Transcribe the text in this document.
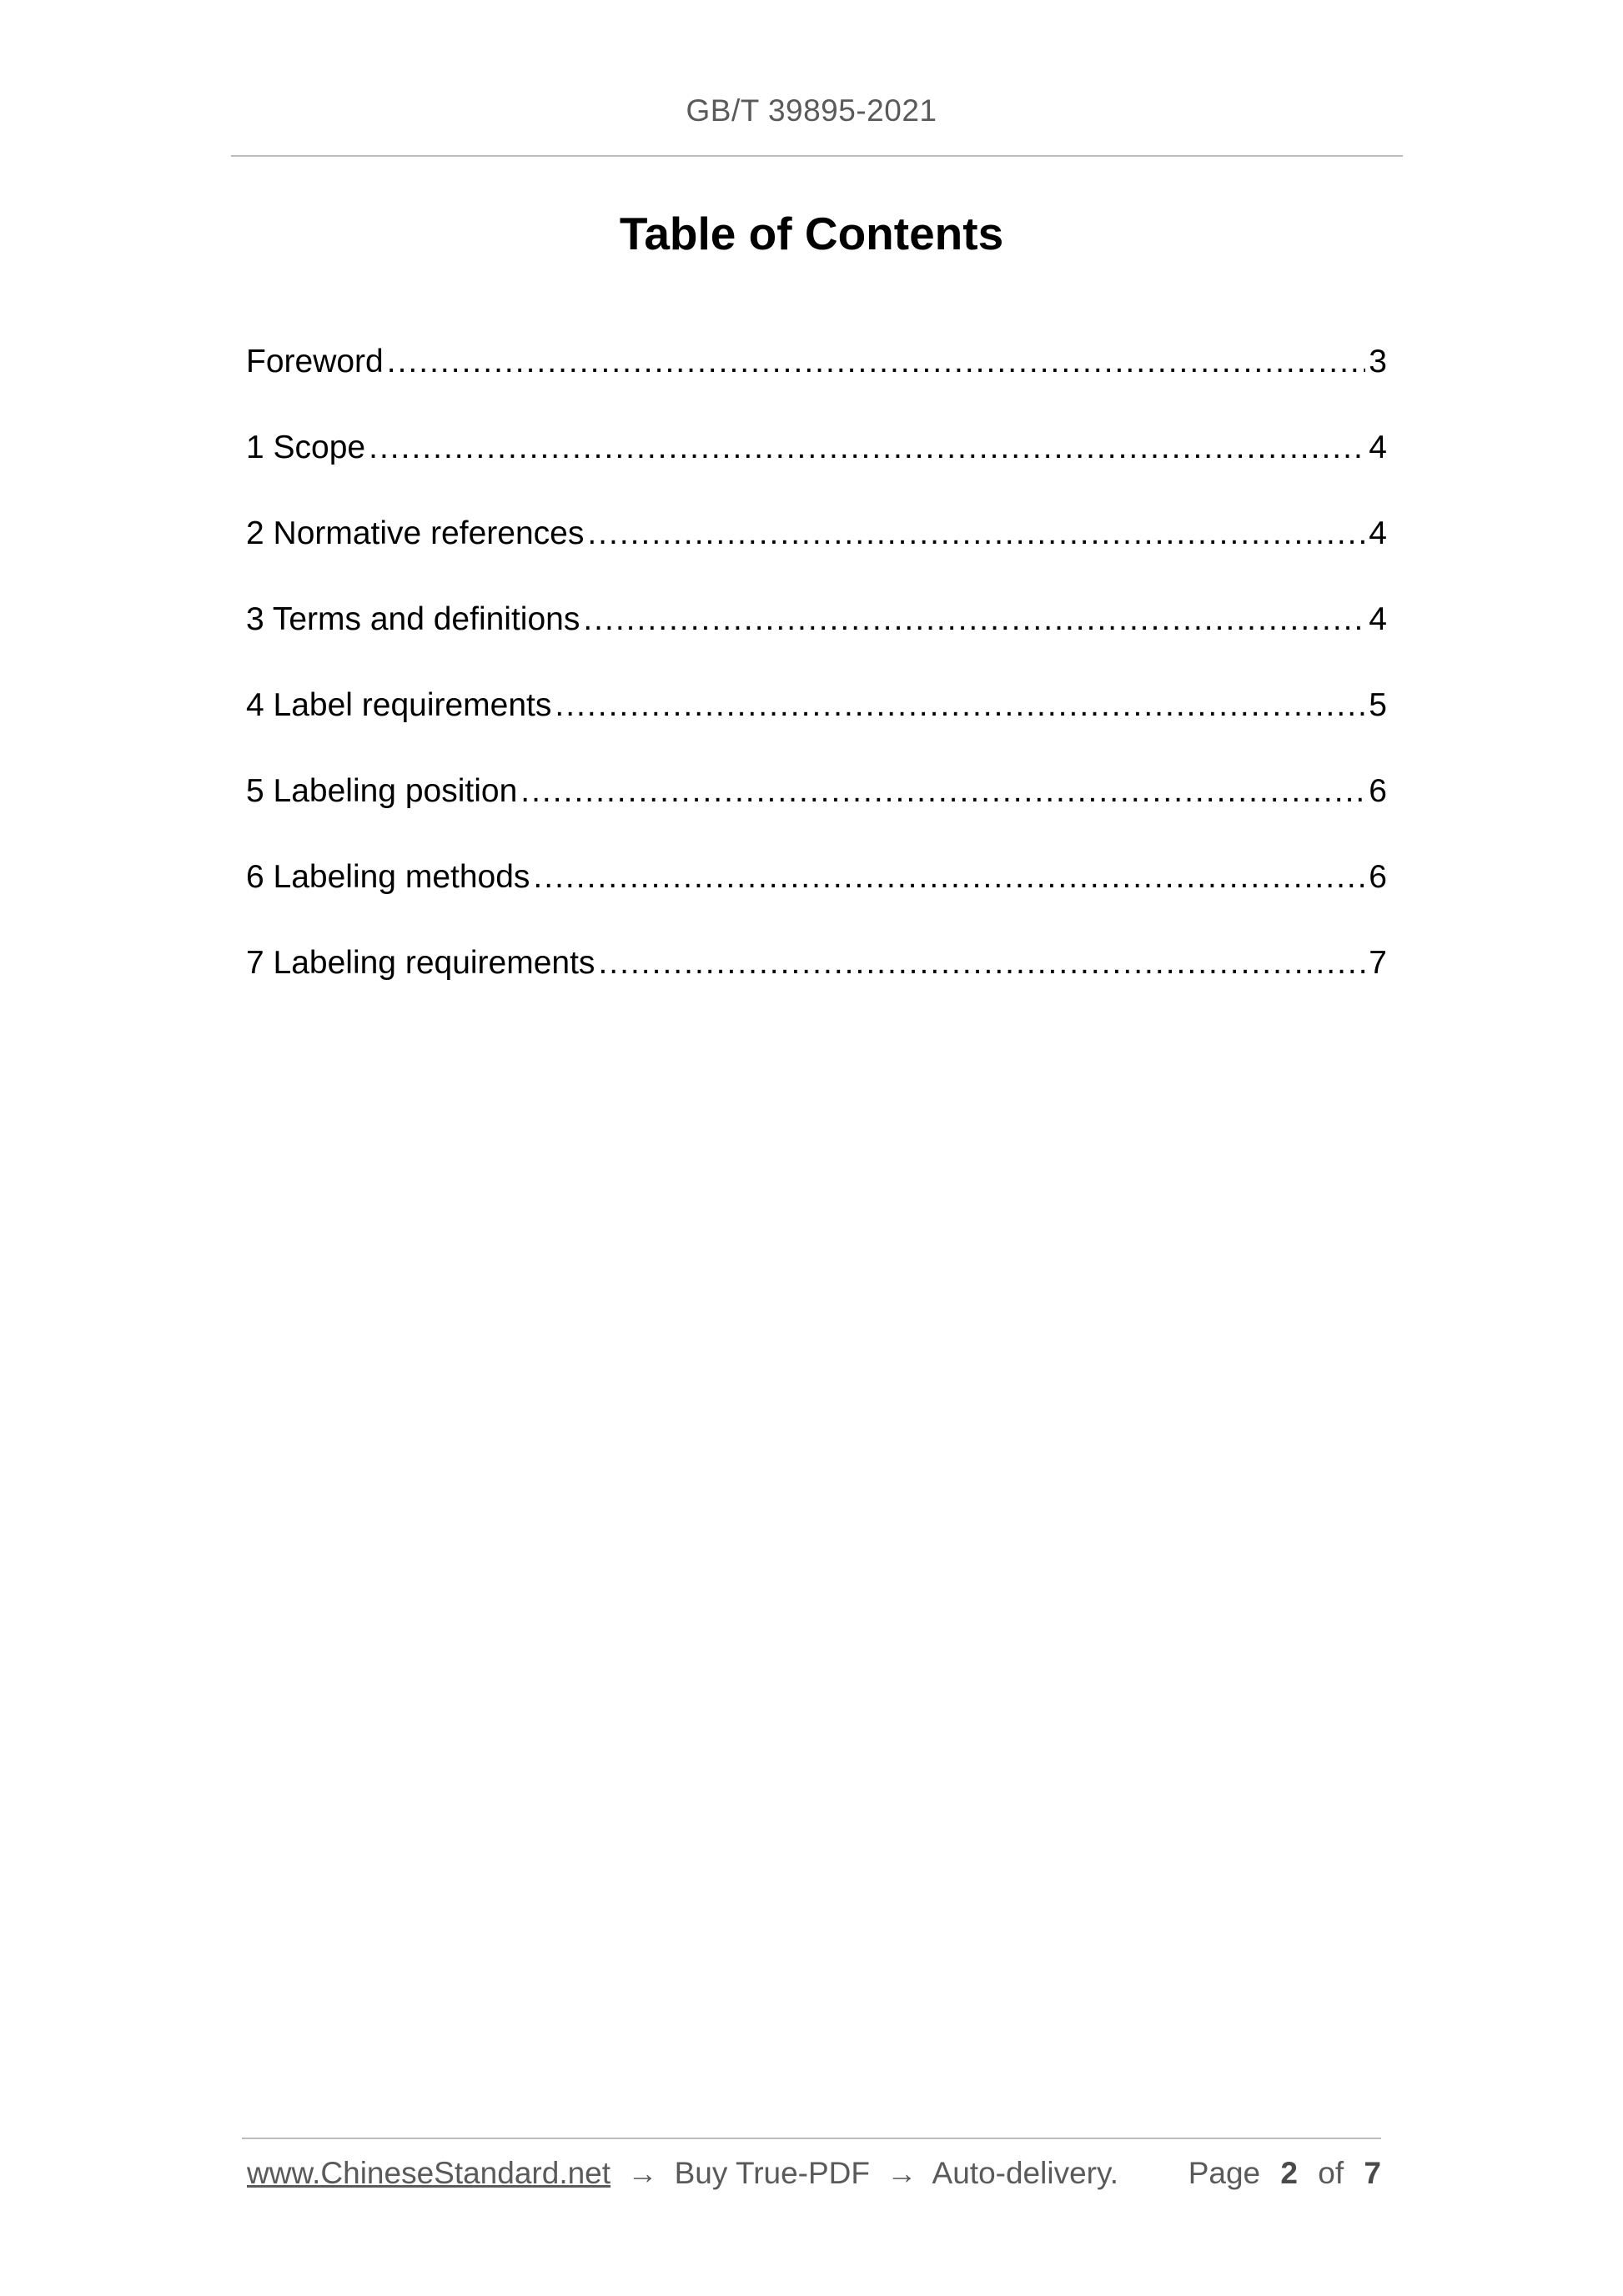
GB/T 39895-2021
Table of Contents
Foreword .....	3
1 Scope .....	4
2 Normative references .....	4
3 Terms and definitions .....	4
4 Label requirements .....	5
5 Labeling position .....	6
6 Labeling methods .....	6
7 Labeling requirements .....	7
www.ChineseStandard.net → Buy True-PDF → Auto-delivery. Page 2 of 7
